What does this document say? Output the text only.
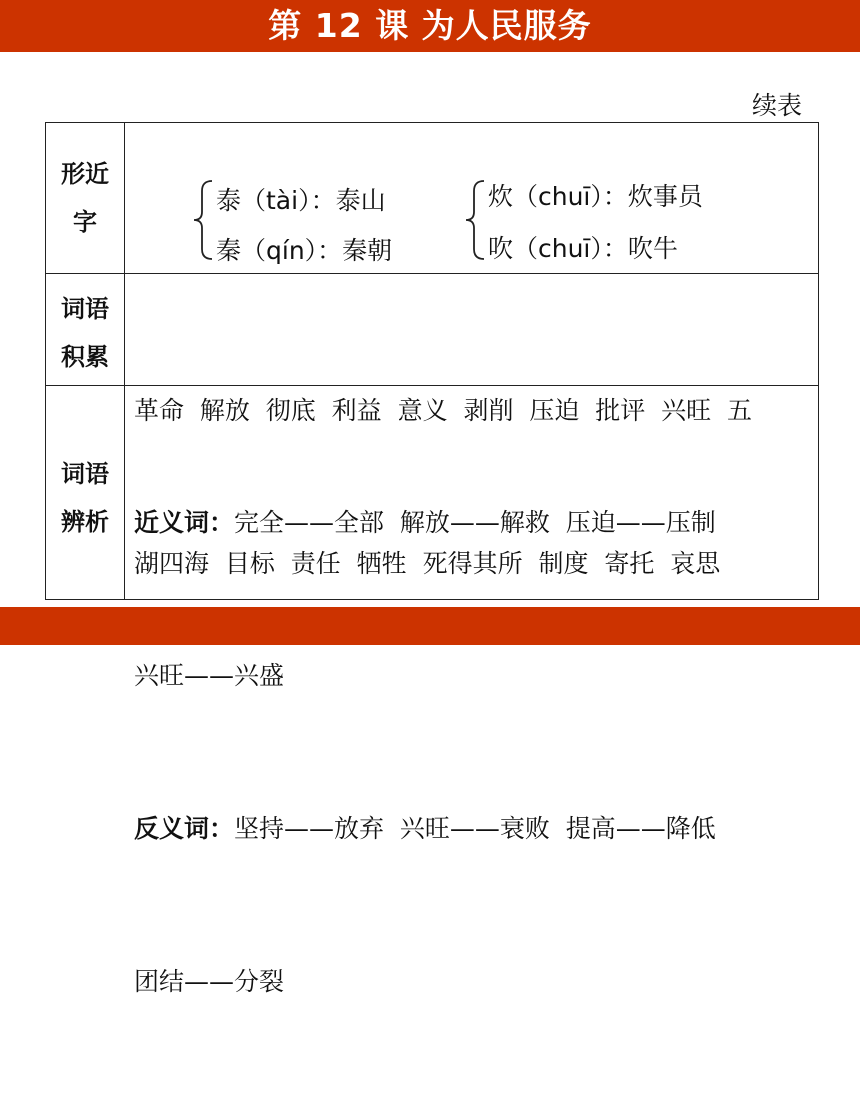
第 12 课 为人民服务
续表
形近
字
泰（tài）：泰山
秦（qín）：秦朝
炊（chuī）：炊事员
吹（chuī）：吹牛
词语
积累

革命  解放  彻底  利益  意义  剥削  压迫  批评  兴旺  五

湖四海  目标  责任  牺牲  死得其所  制度  寄托  哀思

词语
辨析

	近义词：完全——全部  解放——解救  压迫——压制

兴旺——兴盛

反义词：坚持——放弃  兴旺——衰败  提高——降低

团结——分裂
